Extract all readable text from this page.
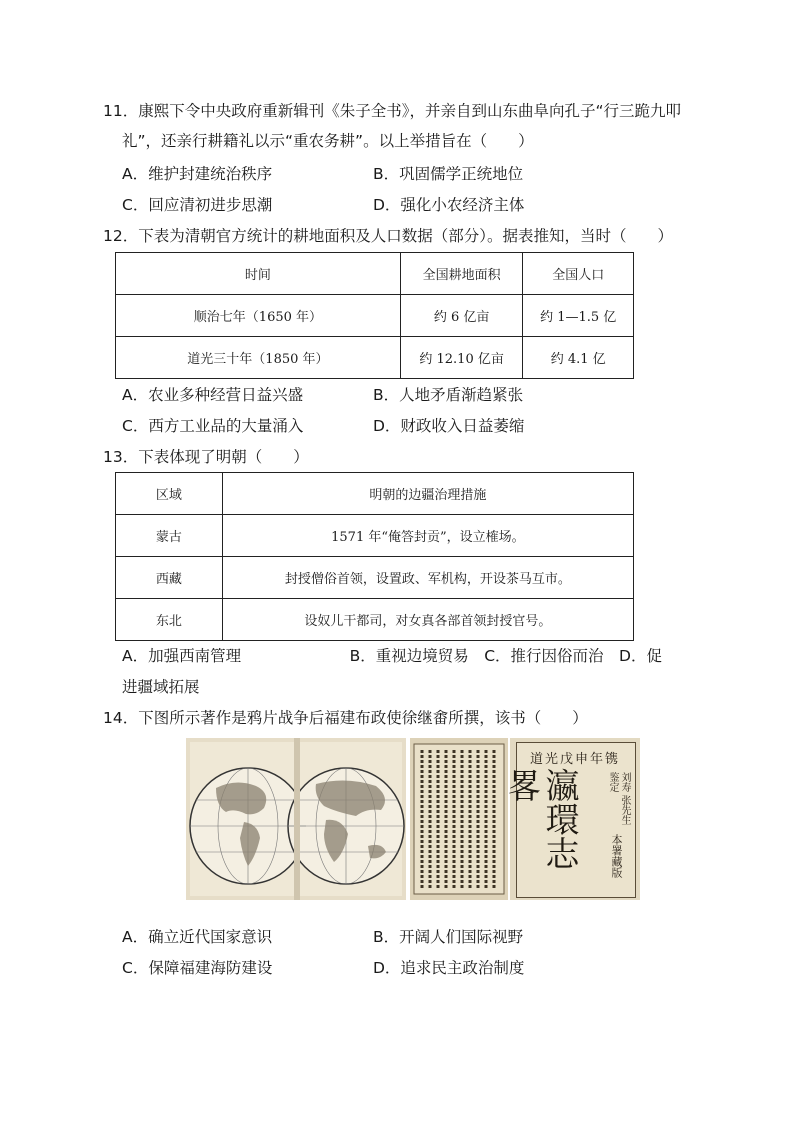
11．康熙下令中央政府重新辑刊《朱子全书》，并亲自到山东曲阜向孔子“行三跪九叩
礼”，还亲行耕籍礼以示“重农务耕”。以上举措旨在（　　）
A．维护封建统治秩序	B．巩固儒学正统地位
C．回应清初进步思潮	D．强化小农经济主体
12．下表为清朝官方统计的耕地面积及人口数据（部分）。据表推知，当时（　　）
时间	全国耕地面积	全国人口
顺治七年（1650 年）	约 6 亿亩	约 1—1.5 亿
道光三十年（1850 年）	约 12.10 亿亩	约 4.1 亿
A．农业多种经营日益兴盛	B．人地矛盾渐趋紧张
C．西方工业品的大量涌入	D．财政收入日益萎缩
13．下表体现了明朝（　　）
区域	明朝的边疆治理措施
蒙古	1571 年“俺答封贡”，设立榷场。
西藏	封授僧俗首领，设置政、军机构，开设茶马互市。
东北	设奴儿干都司，对女真各部首领封授官号。
A．加强西南管理　　　　　　　B．重视边境贸易　C．推行因俗而治　D．促
进疆域拓展
14．下图所示著作是鸦片战争后福建布政使徐继畬所撰，该书（　　）
道光戊申年镌
瀛環志畧	刘寿 张先生 鉴定
本署藏版
A．确立近代国家意识	B．开阔人们国际视野
C．保障福建海防建设	D．追求民主政治制度
